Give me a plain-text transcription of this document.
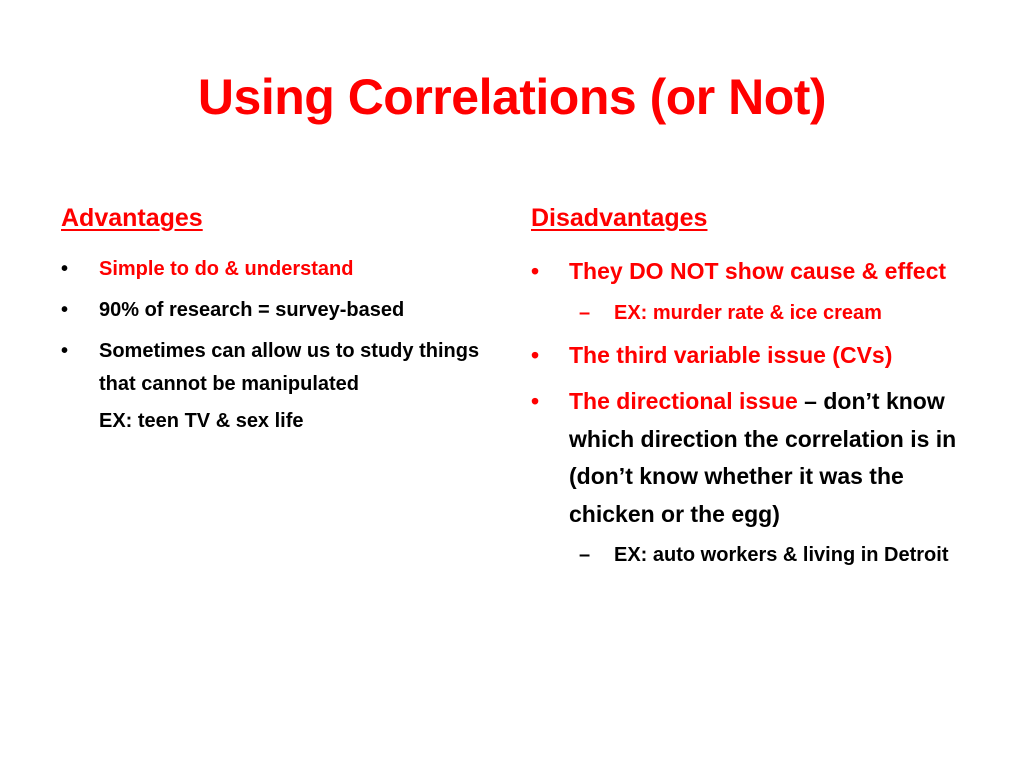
Using Correlations (or Not)
Advantages
•	Simple to do & understand
•	90% of research = survey-based
•	Sometimes can allow us to study things that cannot be manipulated
EX: teen TV & sex life
Disadvantages
•	They DO NOT show cause & effect
–	EX: murder rate & ice cream
•	The third variable issue (CVs)
•	The directional issue – don’t know which direction the correlation is in (don’t know whether it was the chicken or the egg)
–	EX: auto workers & living in Detroit
